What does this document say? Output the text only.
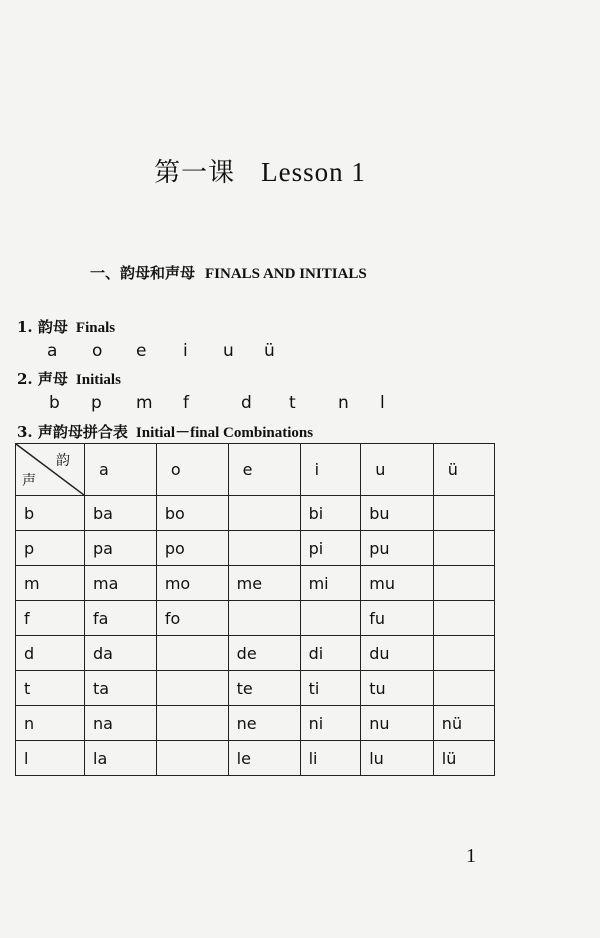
第一课 Lesson 1
一、韵母和声母 FINALS AND INITIALS
1. 韵母 Finals
a o e i u ü
2. 声母 Initials
b p m f	d t n l
3. 声韵母拼合表 Initial－final Combinations
韵
声	a	o	e	i	u	ü
b	ba	bo		bi	bu	
p	pa	po		pi	pu	
m	ma	mo	me	mi	mu	
f	fa	fo			fu	
d	da		de	di	du	
t	ta		te	ti	tu	
n	na		ne	ni	nu	nü
l	la		le	li	lu	lü
1
